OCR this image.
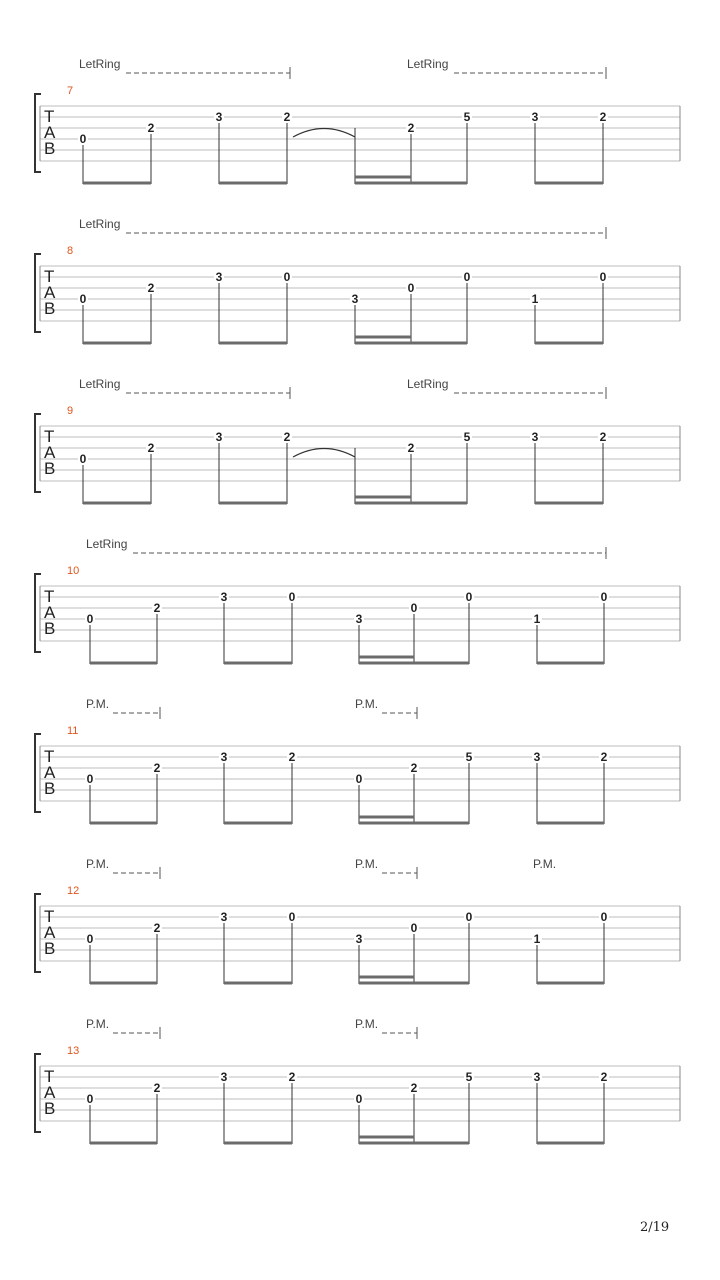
LetRing	LetRing
7
T
A
B 0
2
3	2
2
5	3	2
LetRing
8
T
A
B 0
2
3	0
3
0
0
1
0
LetRing	LetRing
9
T
A
B 0
2
3	2
2
5	3	2
LetRing
10
T
A
B	0
2
3	0
3
0
0
1
0
P.M.	P.M.
11
T
A
B	0
2
3	2
0
2
5	3	2
P.M.	P.M.	P.M.
12
T
A
B	0
2
3	0
3
0
0
1
0
P.M.	P.M.
13
T
A
B	0
2
3	2
0
2
5	3	2
2/19
